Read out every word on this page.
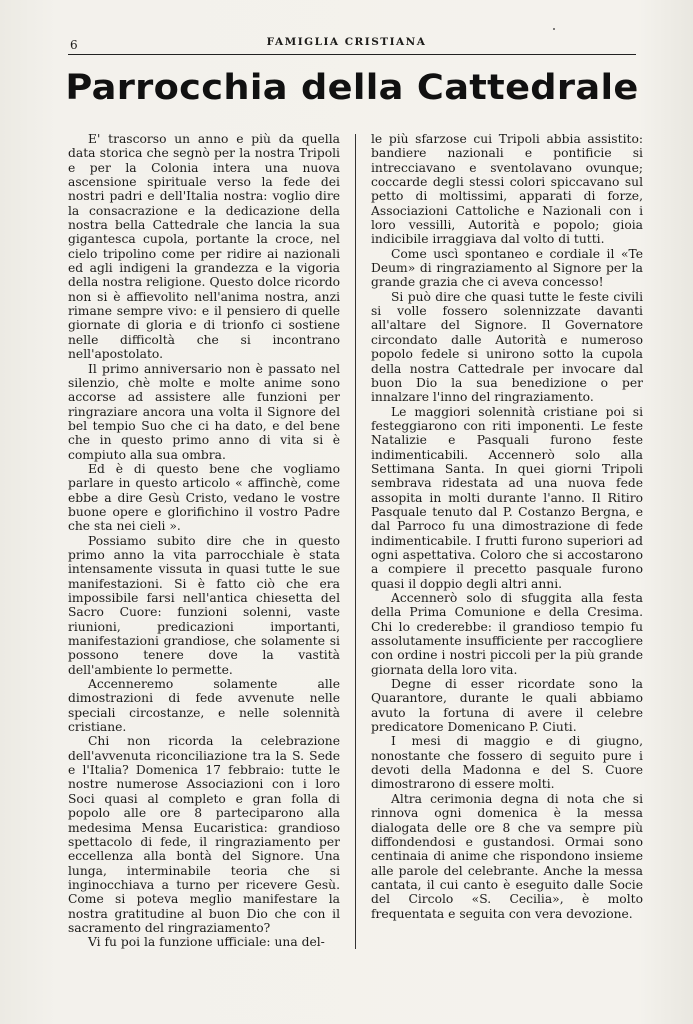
6	FAMIGLIA CRISTIANA
Parrocchia della Cattedrale

E' trascorso un anno e più da quella data storica che segnò per la nostra Tripoli e per la Colonia intera una nuova ascensione spirituale verso la fede dei nostri padri e dell'Italia nostra: voglio dire la consacrazione e la dedicazione della nostra bella Cattedrale che lancia la sua gigantesca cupola, portante la croce, nel cielo tripolino come per ridire ai nazionali ed agli indigeni la grandezza e la vigoria della nostra religione. Questo dolce ricordo non si è affievolito nell'anima nostra, anzi rimane sempre vivo: e il pensiero di quelle giornate di gloria e di trionfo ci sostiene nelle difficoltà che si incontrano nell'apostolato.

Il primo anniversario non è passato nel silenzio, chè molte e molte anime sono accorse ad assistere alle funzioni per ringraziare ancora una volta il Signore del bel tempio Suo che ci ha dato, e del bene che in questo primo anno di vita si è compiuto alla sua ombra.

Ed è di questo bene che vogliamo parlare in questo articolo « affinchè, come ebbe a dire Gesù Cristo, vedano le vostre buone opere e glorifichino il vostro Padre che sta nei cieli ».

Possiamo subito dire che in questo primo anno la vita parrocchiale è stata intensamente vissuta in quasi tutte le sue manifestazioni. Si è fatto ciò che era impossibile farsi nell'antica chiesetta del Sacro Cuore: funzioni solenni, vaste riunioni, predicazioni importanti, manifestazioni grandiose, che solamente si possono tenere dove la vastità dell'ambiente lo permette.

Accenneremo solamente alle dimostrazioni di fede avvenute nelle speciali circostanze, e nelle solennità cristiane.

Chi non ricorda la celebrazione dell'avvenuta riconciliazione tra la S. Sede e l'Italia? Domenica 17 febbraio: tutte le nostre numerose Associazioni con i loro Soci quasi al completo e gran folla di popolo alle ore 8 parteciparono alla medesima Mensa Eucaristica: grandioso spettacolo di fede, il ringraziamento per eccellenza alla bontà del Signore. Una lunga, interminabile teoria che si inginocchiava a turno per ricevere Gesù. Come si poteva meglio manifestare la nostra gratitudine al buon Dio che con il sacramento del ringraziamento?

Vi fu poi la funzione ufficiale: una del-

le più sfarzose cui Tripoli abbia assistito: bandiere nazionali e pontificie si intrecciavano e sventolavano ovunque; coccarde degli stessi colori spiccavano sul petto di moltissimi, apparati di forze, Associazioni Cattoliche e Nazionali con i loro vessilli, Autorità e popolo; gioia indicibile irraggiava dal volto di tutti.

Come uscì spontaneo e cordiale il «Te Deum» di ringraziamento al Signore per la grande grazia che ci aveva concesso!

Si può dire che quasi tutte le feste civili si volle fossero solennizzate davanti all'altare del Signore. Il Governatore circondato dalle Autorità e numeroso popolo fedele si unirono sotto la cupola della nostra Cattedrale per invocare dal buon Dio la sua benedizione o per innalzare l'inno del ringraziamento.

Le maggiori solennità cristiane poi si festeggiarono con riti imponenti. Le feste Natalizie e Pasquali furono feste indimenticabili. Accennerò solo alla Settimana Santa. In quei giorni Tripoli sembrava ridestata ad una nuova fede assopita in molti durante l'anno. Il Ritiro Pasquale tenuto dal P. Costanzo Bergna, e dal Parroco fu una dimostrazione di fede indimenticabile. I frutti furono superiori ad ogni aspettativa. Coloro che si accostarono a compiere il precetto pasquale furono quasi il doppio degli altri anni.

Accennerò solo di sfuggita alla festa della Prima Comunione e della Cresima. Chi lo crederebbe: il grandioso tempio fu assolutamente insufficiente per raccogliere con ordine i nostri piccoli per la più grande giornata della loro vita.

Degne di esser ricordate sono la Quarantore, durante le quali abbiamo avuto la fortuna di avere il celebre predicatore Domenicano P. Ciuti.

I mesi di maggio e di giugno, nonostante che fossero di seguito pure i devoti della Madonna e del S. Cuore dimostrarono di essere molti.

Altra cerimonia degna di nota che si rinnova ogni domenica è la messa dialogata delle ore 8 che va sempre più diffondendosi e gustandosi. Ormai sono centinaia di anime che rispondono insieme alle parole del celebrante. Anche la messa cantata, il cui canto è eseguito dalle Socie del Circolo «S. Cecilia», è molto frequentata e seguita con vera devozione.
